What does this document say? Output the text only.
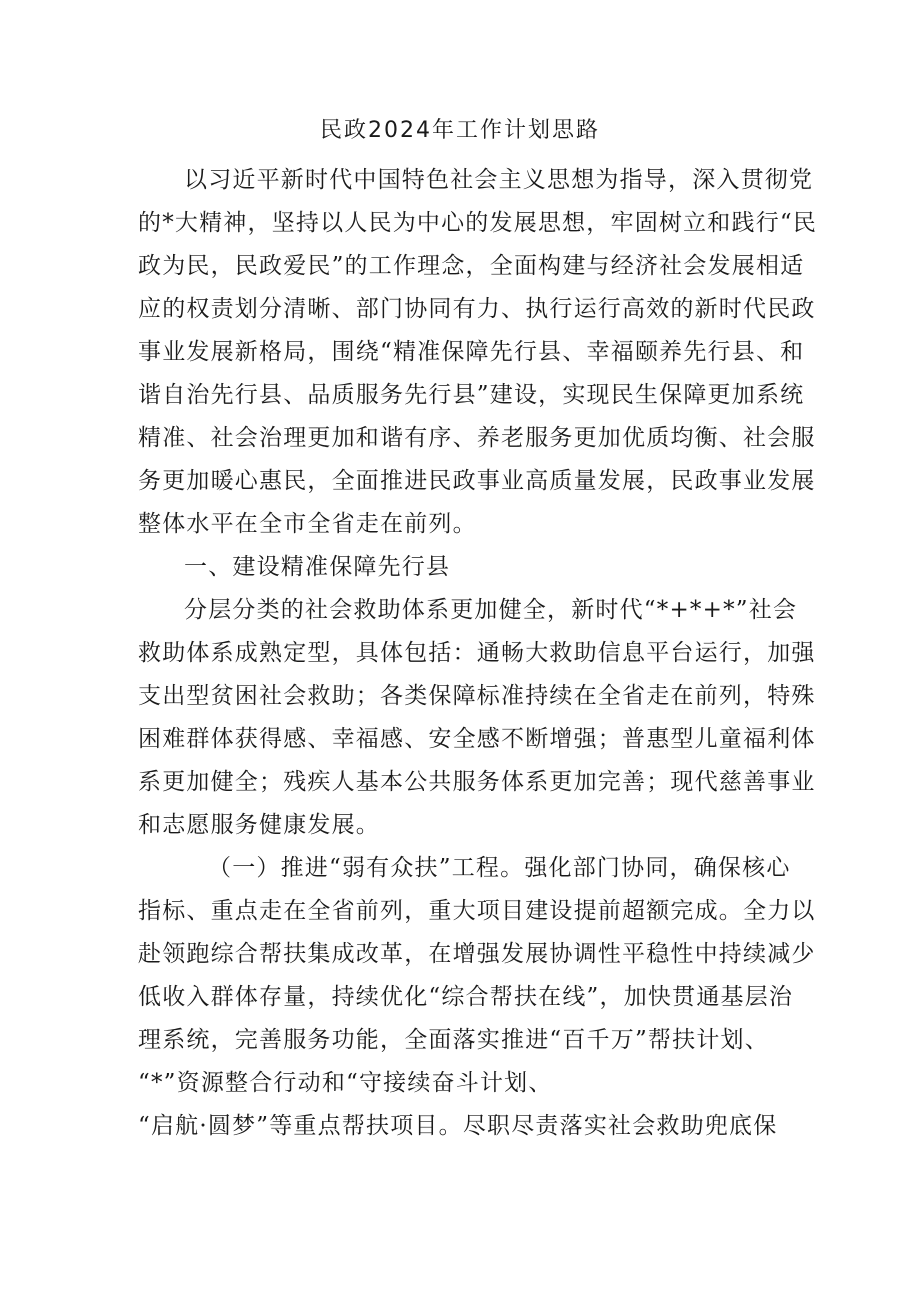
民政2024年工作计划思路
以习近平新时代中国特色社会主义思想为指导，深入贯彻党
的*大精神，坚持以人民为中心的发展思想，牢固树立和践行“民
政为民，民政爱民”的工作理念，全面构建与经济社会发展相适
应的权责划分清晰、部门协同有力、执行运行高效的新时代民政
事业发展新格局，围绕“精准保障先行县、幸福颐养先行县、和
谐自治先行县、品质服务先行县”建设，实现民生保障更加系统
精准、社会治理更加和谐有序、养老服务更加优质均衡、社会服
务更加暖心惠民，全面推进民政事业高质量发展，民政事业发展
整体水平在全市全省走在前列。
一、建设精准保障先行县
分层分类的社会救助体系更加健全，新时代“*+*+*”社会
救助体系成熟定型，具体包括：通畅大救助信息平台运行，加强
支出型贫困社会救助；各类保障标准持续在全省走在前列，特殊
困难群体获得感、幸福感、安全感不断增强；普惠型儿童福利体
系更加健全；残疾人基本公共服务体系更加完善；现代慈善事业
和志愿服务健康发展。
（一）推进“弱有众扶”工程。强化部门协同，确保核心
指标、重点走在全省前列，重大项目建设提前超额完成。全力以
赴领跑综合帮扶集成改革，在增强发展协调性平稳性中持续减少
低收入群体存量，持续优化“综合帮扶在线”，加快贯通基层治
理系统，完善服务功能，全面落实推进“百千万”帮扶计划、
“*”资源整合行动和“守接续奋斗计划、
“启航·圆梦”等重点帮扶项目。尽职尽责落实社会救助兜底保
